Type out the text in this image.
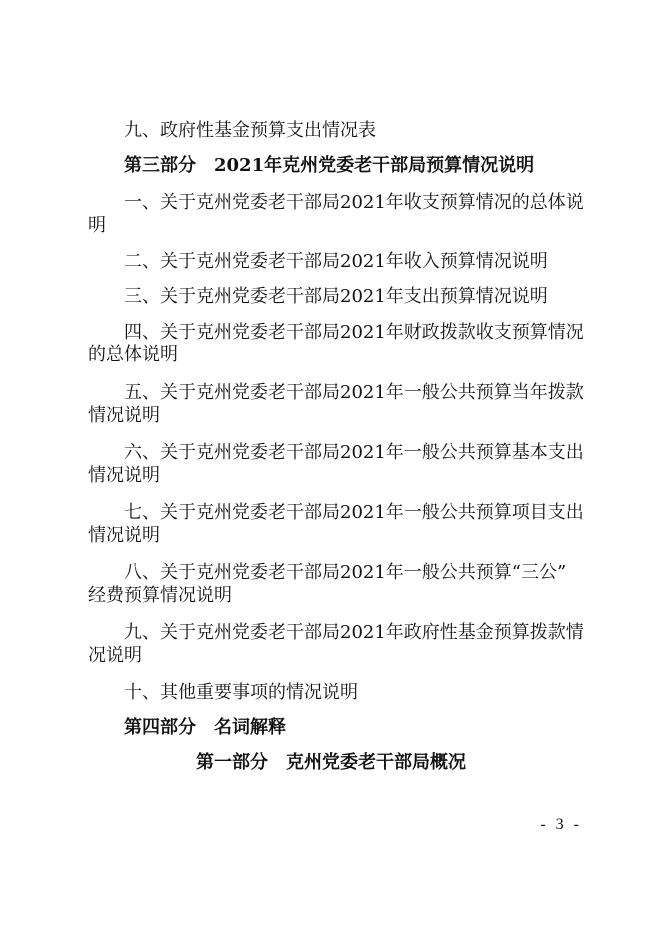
九、政府性基金预算支出情况表
第三部分　2021年克州党委老干部局预算情况说明
一、关于克州党委老干部局2021年收支预算情况的总体说
明
二、关于克州党委老干部局2021年收入预算情况说明
三、关于克州党委老干部局2021年支出预算情况说明
四、关于克州党委老干部局2021年财政拨款收支预算情况
的总体说明
五、关于克州党委老干部局2021年一般公共预算当年拨款
情况说明
六、关于克州党委老干部局2021年一般公共预算基本支出
情况说明
七、关于克州党委老干部局2021年一般公共预算项目支出
情况说明
八、关于克州党委老干部局2021年一般公共预算“三公”
经费预算情况说明
九、关于克州党委老干部局2021年政府性基金预算拨款情
况说明
十、其他重要事项的情况说明
第四部分　名词解释
第一部分　克州党委老干部局概况
- 3 -
